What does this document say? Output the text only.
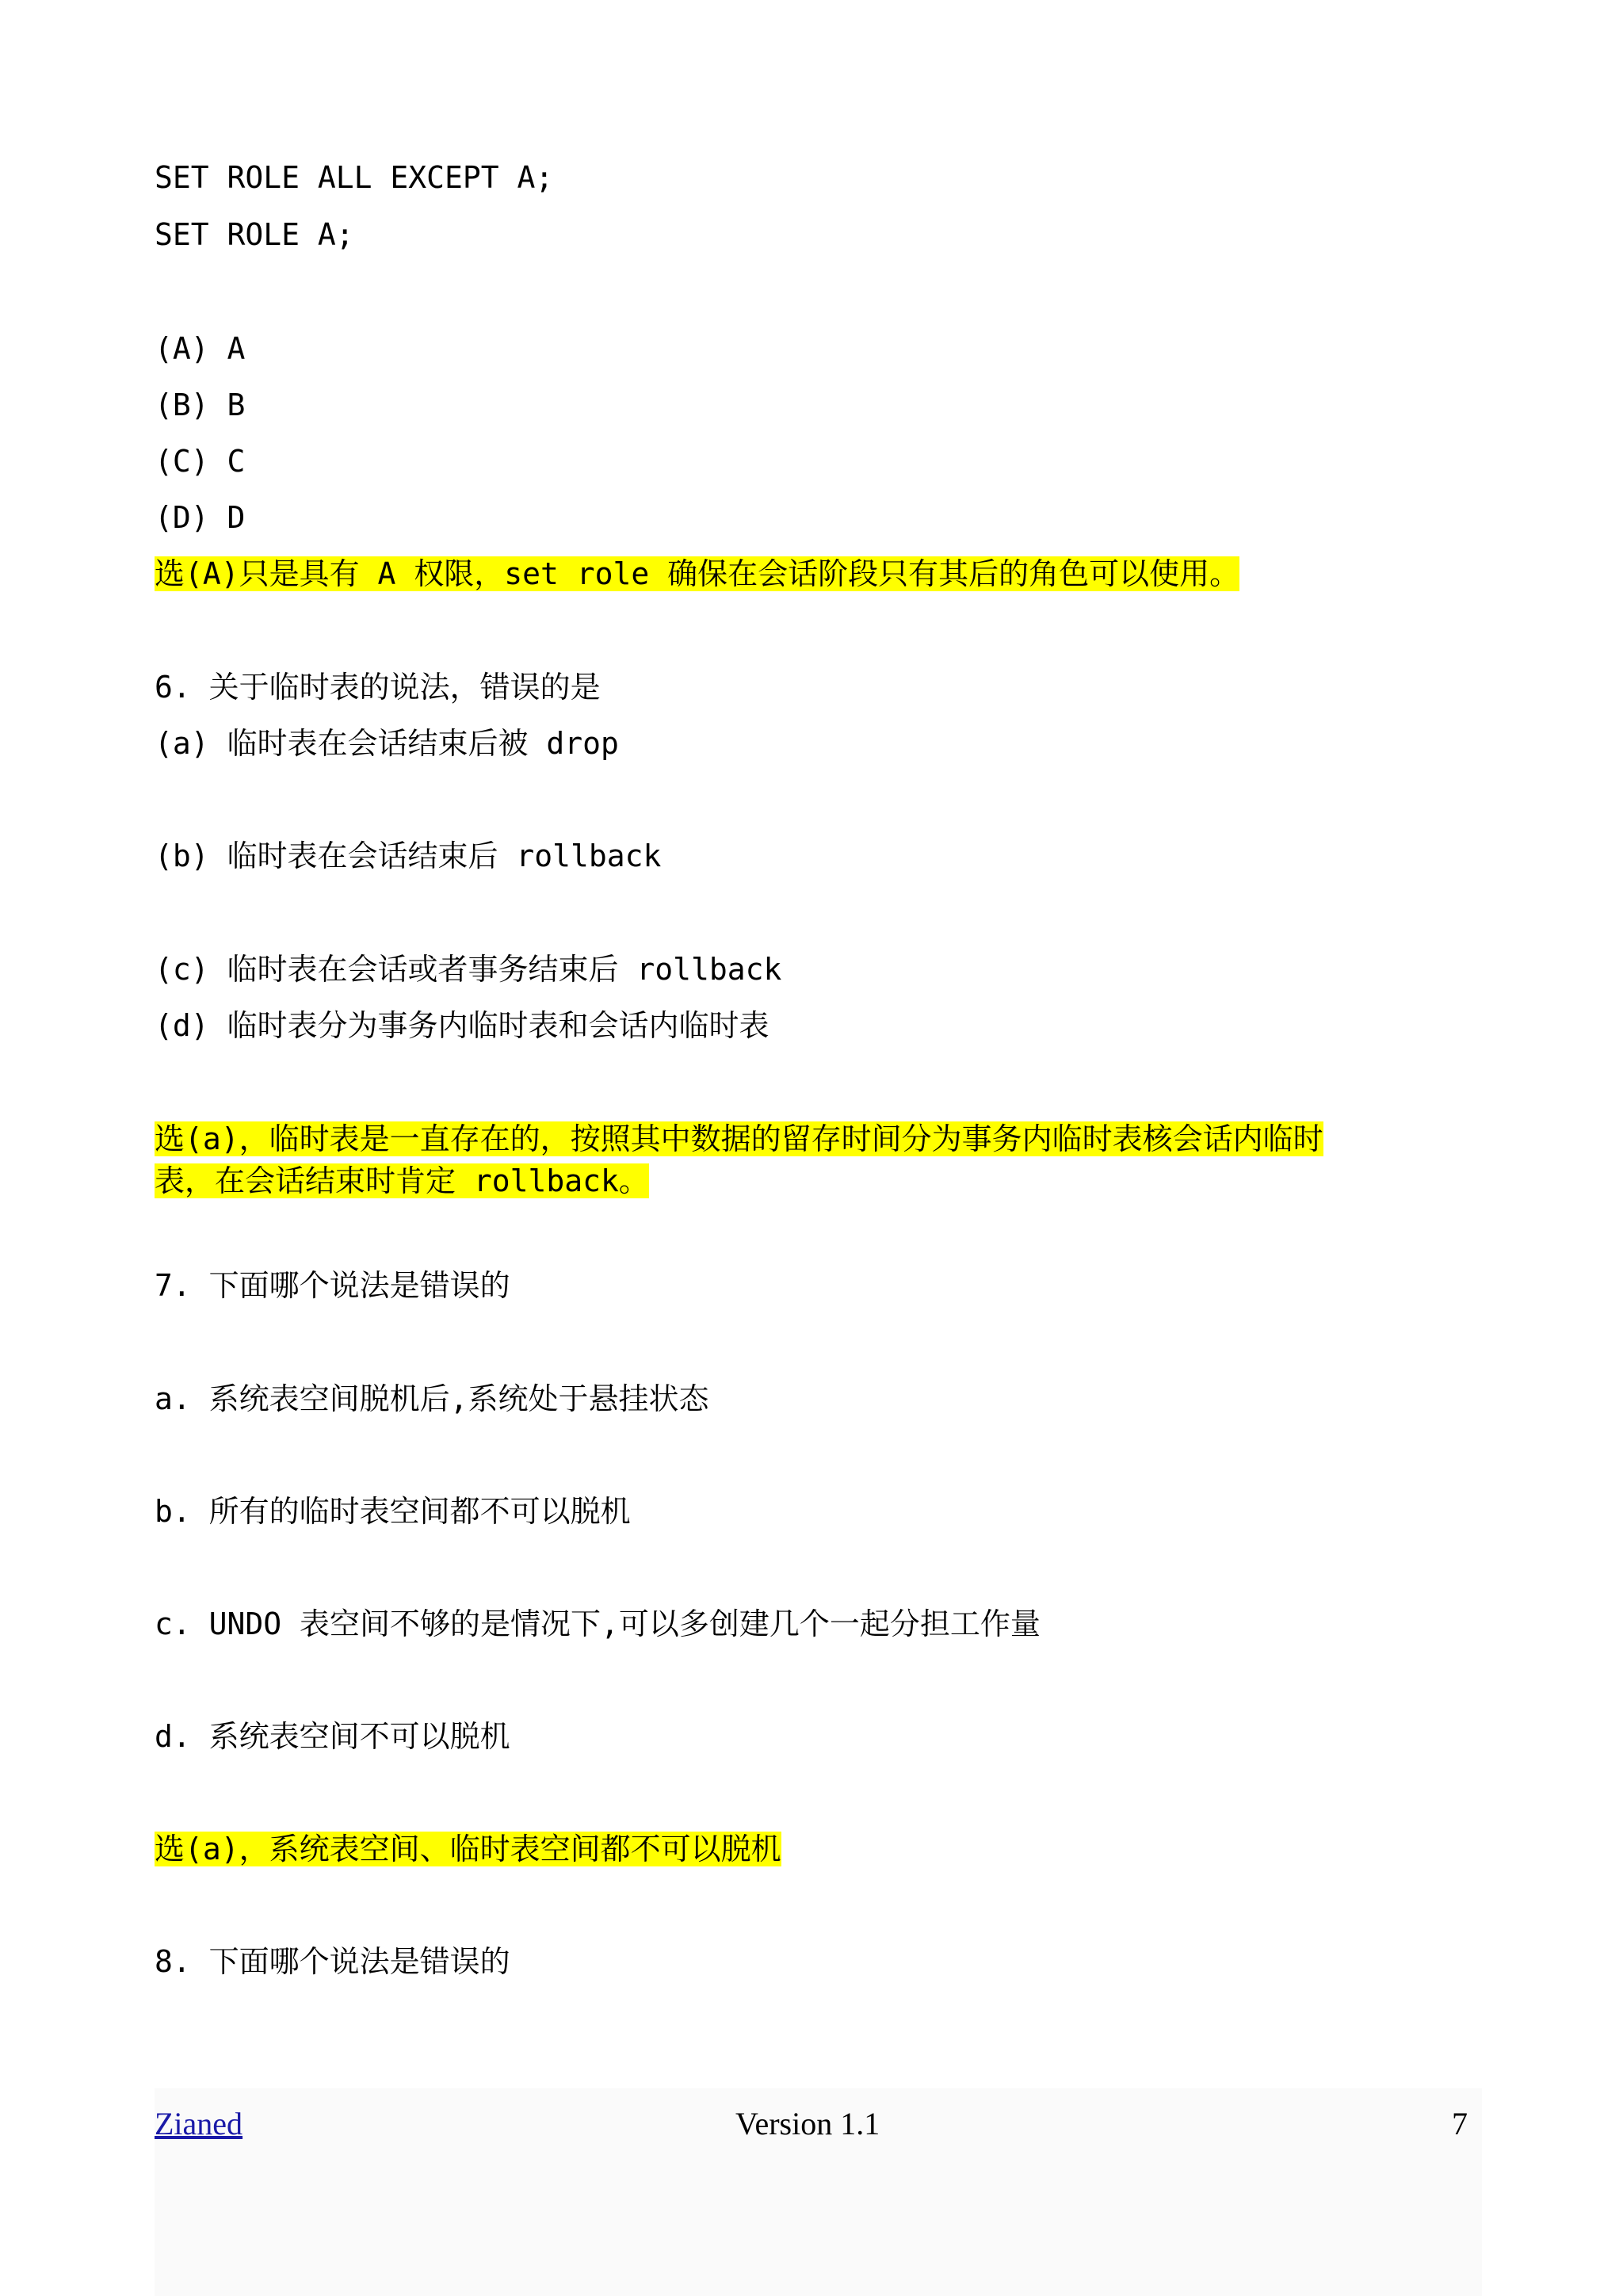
SET ROLE ALL EXCEPT A;
SET ROLE A;
(A) A
(B) B
(C) C
(D) D
选(A)只是具有 A 权限，set role 确保在会话阶段只有其后的角色可以使用。
6. 关于临时表的说法，错误的是
(a) 临时表在会话结束后被 drop
(b) 临时表在会话结束后 rollback
(c) 临时表在会话或者事务结束后 rollback
(d) 临时表分为事务内临时表和会话内临时表
选(a)，临时表是一直存在的，按照其中数据的留存时间分为事务内临时表核会话内临时
表，在会话结束时肯定 rollback。
7. 下面哪个说法是错误的
a. 系统表空间脱机后,系统处于悬挂状态
b. 所有的临时表空间都不可以脱机
c. UNDO 表空间不够的是情况下,可以多创建几个一起分担工作量
d. 系统表空间不可以脱机
选(a)，系统表空间、临时表空间都不可以脱机
8. 下面哪个说法是错误的
Zianed	Version 1.1	7
